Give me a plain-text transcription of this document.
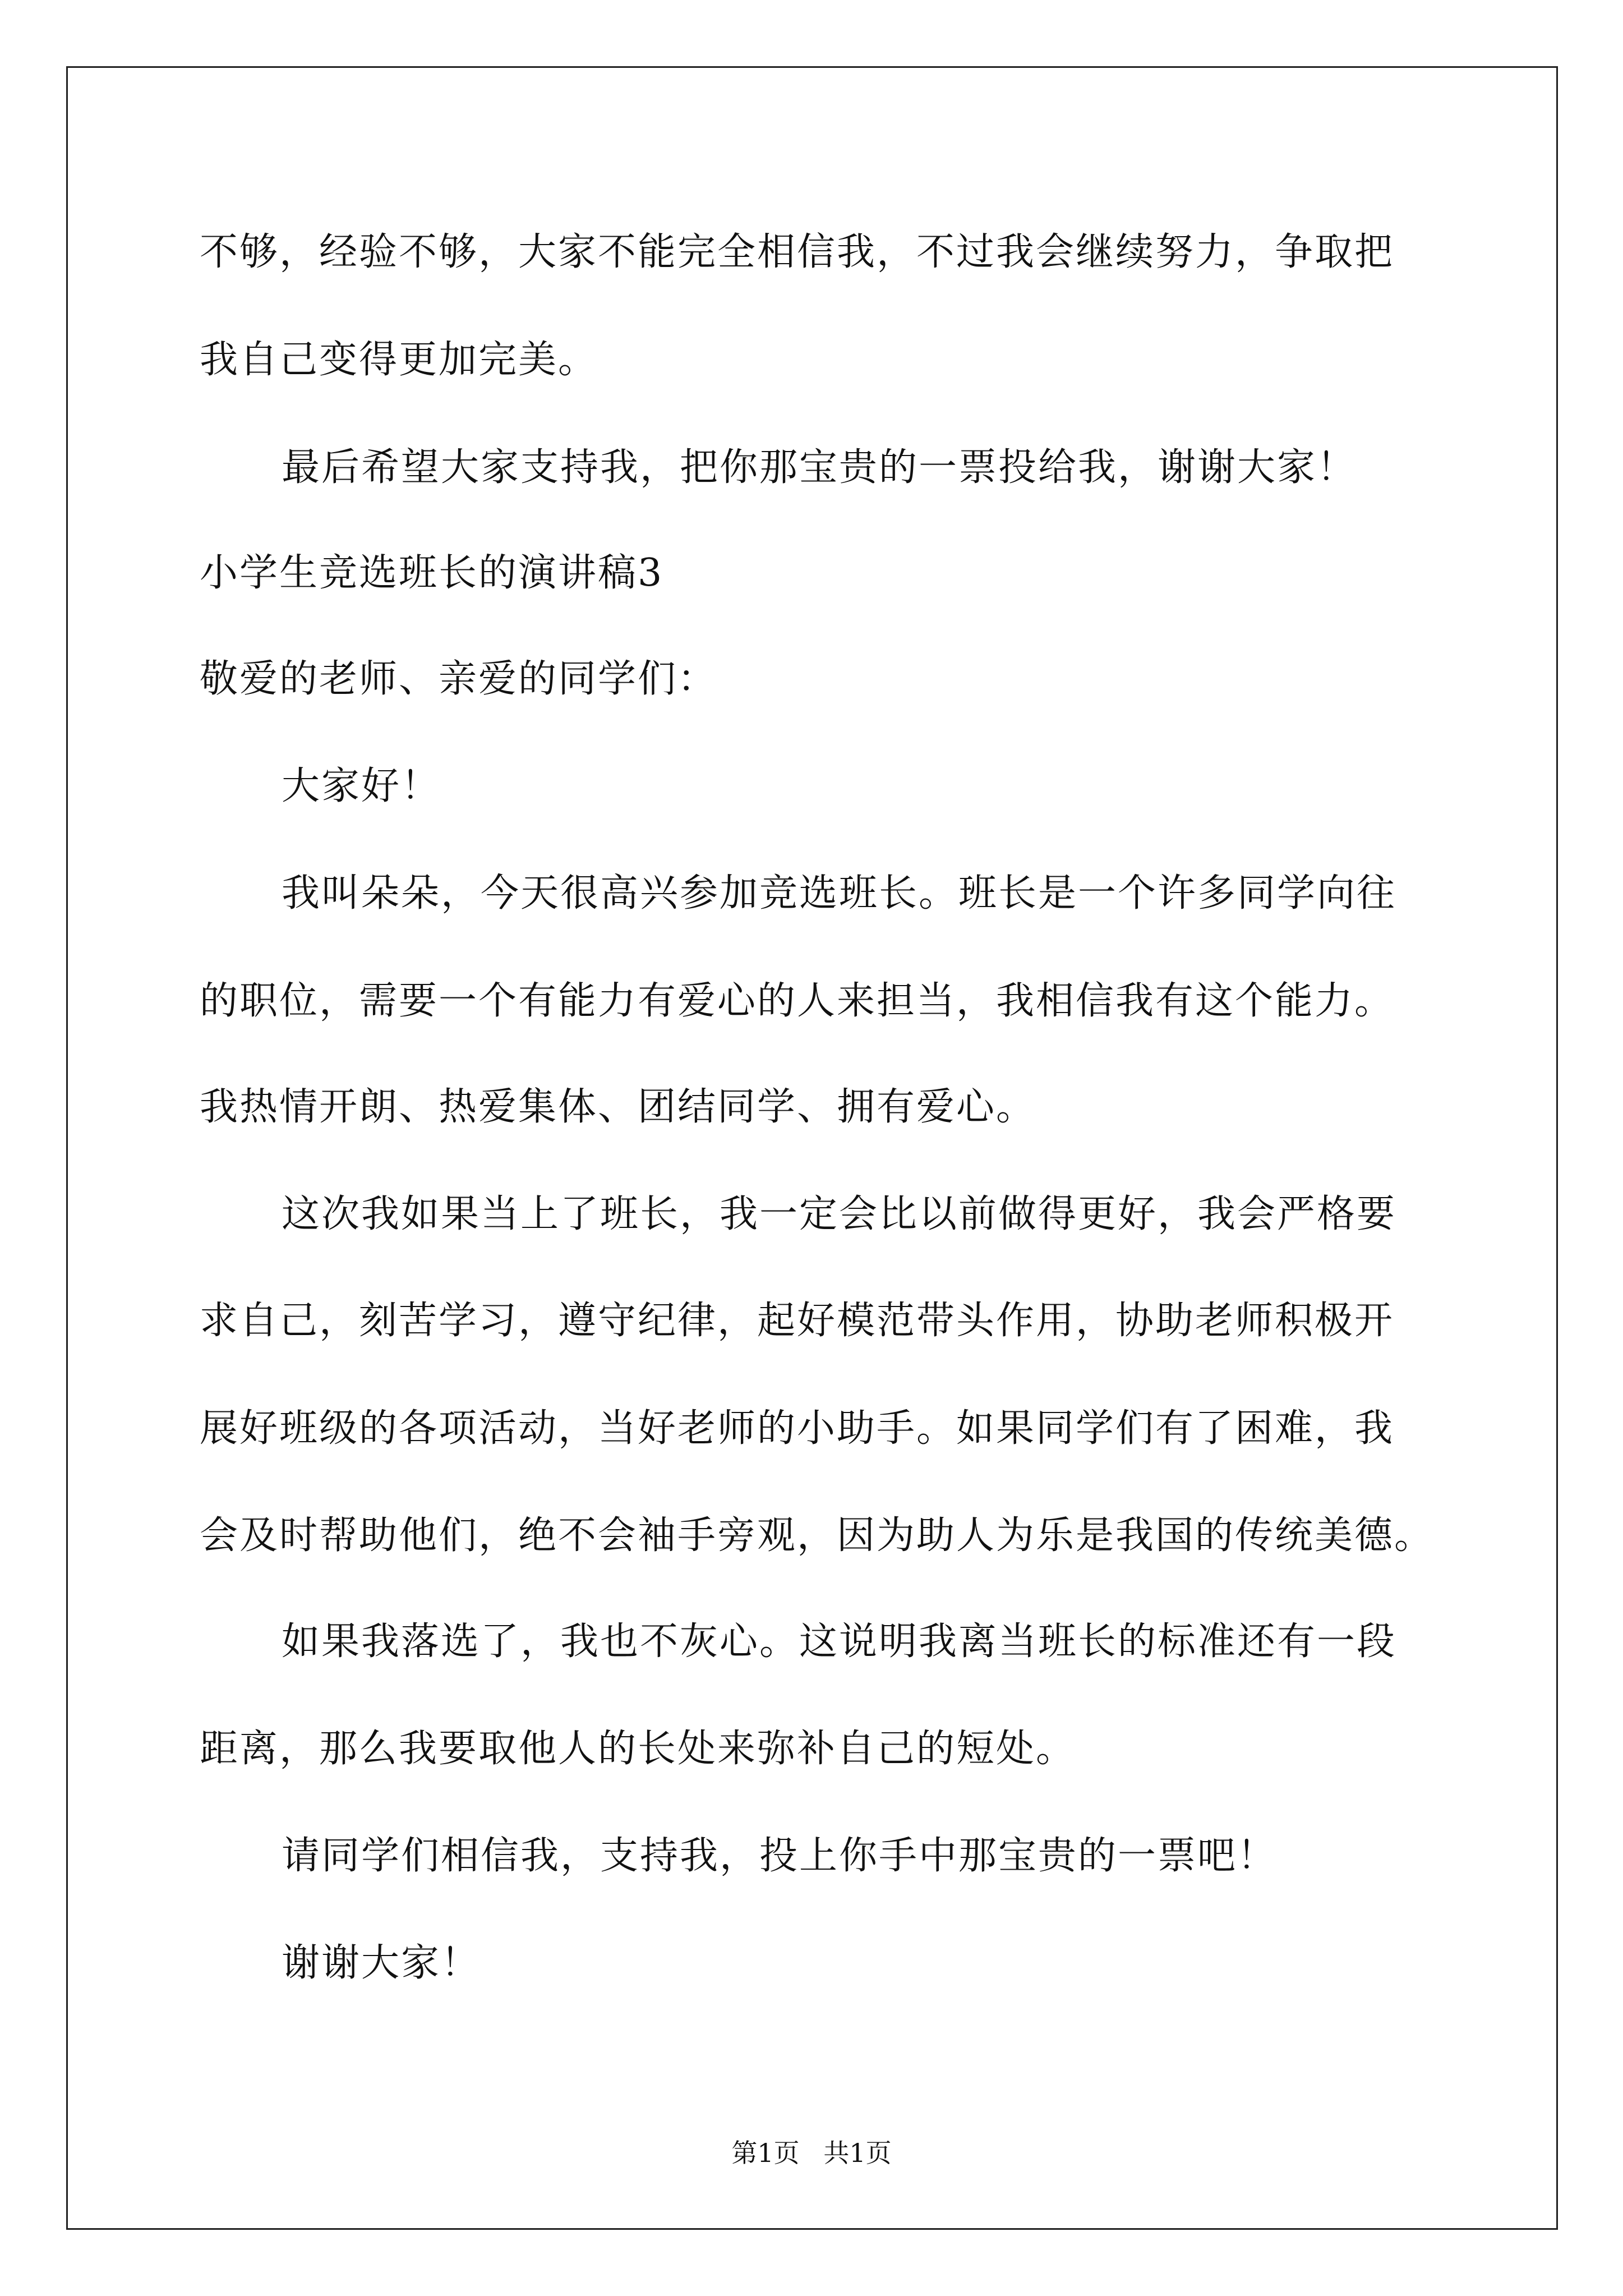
不够，经验不够，大家不能完全相信我，不过我会继续努力，争取把
我自己变得更加完美。
最后希望大家支持我，把你那宝贵的一票投给我，谢谢大家！
小学生竞选班长的演讲稿3
敬爱的老师、亲爱的同学们：
大家好！
我叫朵朵，今天很高兴参加竞选班长。班长是一个许多同学向往
的职位，需要一个有能力有爱心的人来担当，我相信我有这个能力。
我热情开朗、热爱集体、团结同学、拥有爱心。
这次我如果当上了班长，我一定会比以前做得更好，我会严格要
求自己，刻苦学习，遵守纪律，起好模范带头作用，协助老师积极开
展好班级的各项活动，当好老师的小助手。如果同学们有了困难，我
会及时帮助他们，绝不会袖手旁观，因为助人为乐是我国的传统美德。
如果我落选了，我也不灰心。这说明我离当班长的标准还有一段
距离，那么我要取他人的长处来弥补自己的短处。
请同学们相信我，支持我，投上你手中那宝贵的一票吧！
谢谢大家！
第1页 共1页
